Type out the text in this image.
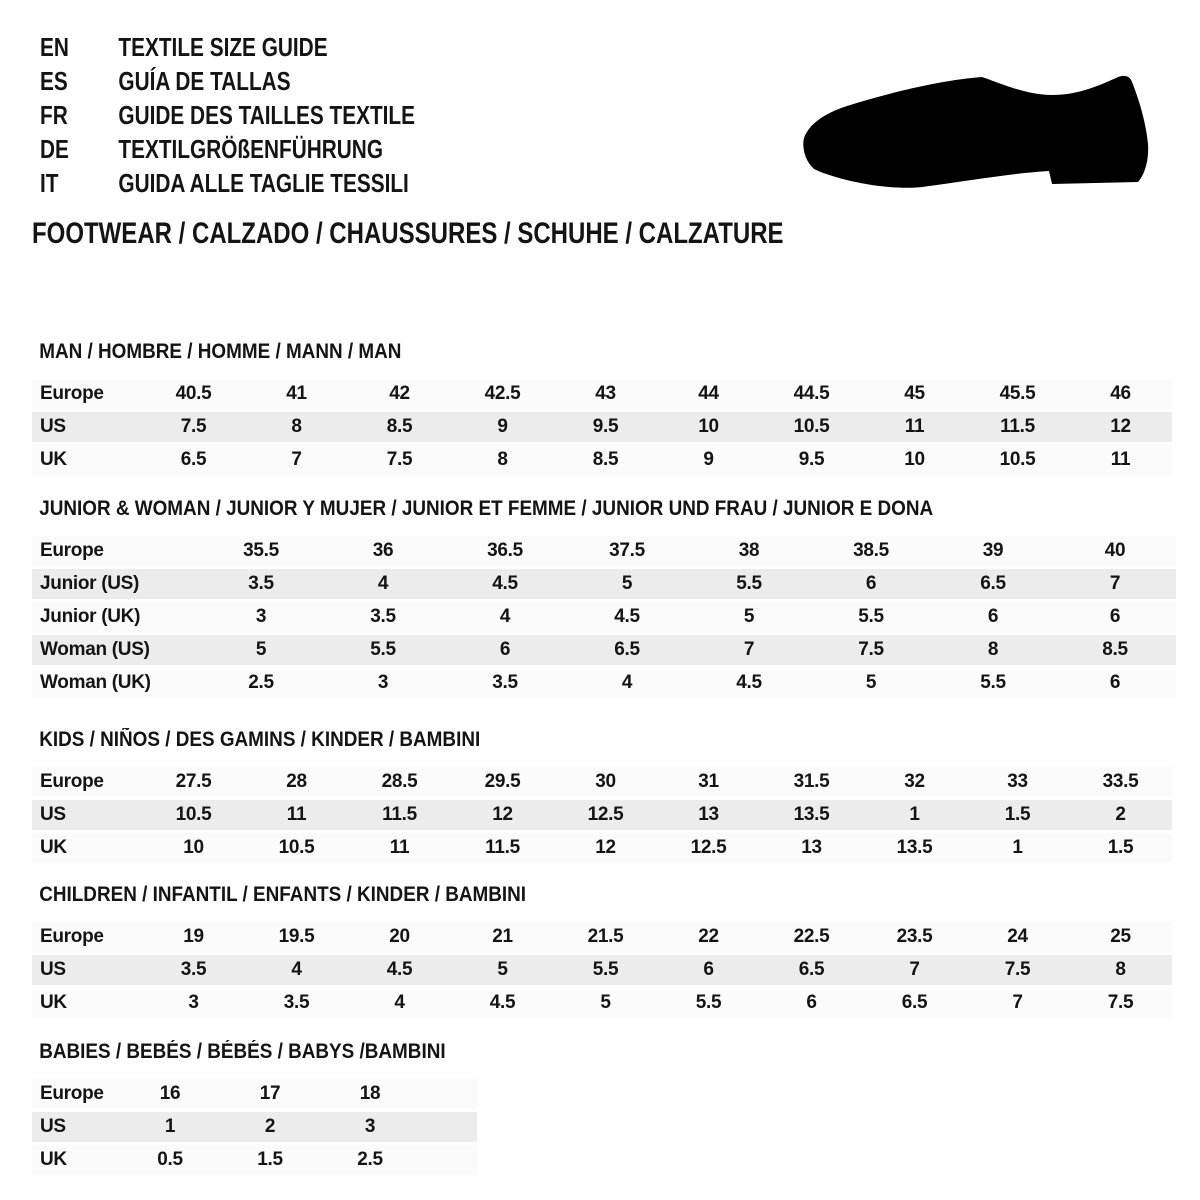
EN TEXTILE SIZE GUIDE
ES GUÍA DE TALLAS
FR GUIDE DES TAILLES TEXTILE
DE TEXTILGRÖßENFÜHRUNG
IT GUIDA ALLE TAGLIE TESSILI
FOOTWEAR / CALZADO / CHAUSSURES / SCHUHE / CALZATURE
MAN / HOMBRE / HOMME / MANN / MAN
Europe	40.5	41	42	42.5	43	44	44.5	45	45.5	46
US	7.5	8	8.5	9	9.5	10	10.5	11	11.5	12
UK	6.5	7	7.5	8	8.5	9	9.5	10	10.5	11
JUNIOR & WOMAN / JUNIOR Y MUJER / JUNIOR ET FEMME / JUNIOR UND FRAU / JUNIOR E DONA
Europe	35.5	36	36.5	37.5	38	38.5	39	40
Junior (US)	3.5	4	4.5	5	5.5	6	6.5	7
Junior (UK)	3	3.5	4	4.5	5	5.5	6	6
Woman (US)	5	5.5	6	6.5	7	7.5	8	8.5
Woman (UK)	2.5	3	3.5	4	4.5	5	5.5	6
KIDS / NIÑOS / DES GAMINS / KINDER / BAMBINI
Europe	27.5	28	28.5	29.5	30	31	31.5	32	33	33.5
US	10.5	11	11.5	12	12.5	13	13.5	1	1.5	2
UK	10	10.5	11	11.5	12	12.5	13	13.5	1	1.5
CHILDREN / INFANTIL / ENFANTS / KINDER / BAMBINI
Europe	19	19.5	20	21	21.5	22	22.5	23.5	24	25
US	3.5	4	4.5	5	5.5	6	6.5	7	7.5	8
UK	3	3.5	4	4.5	5	5.5	6	6.5	7	7.5
BABIES / BEBÉS / BÉBÉS / BABYS /BAMBINI
Europe	16	17	18	
US	1	2	3	
UK	0.5	1.5	2.5	
